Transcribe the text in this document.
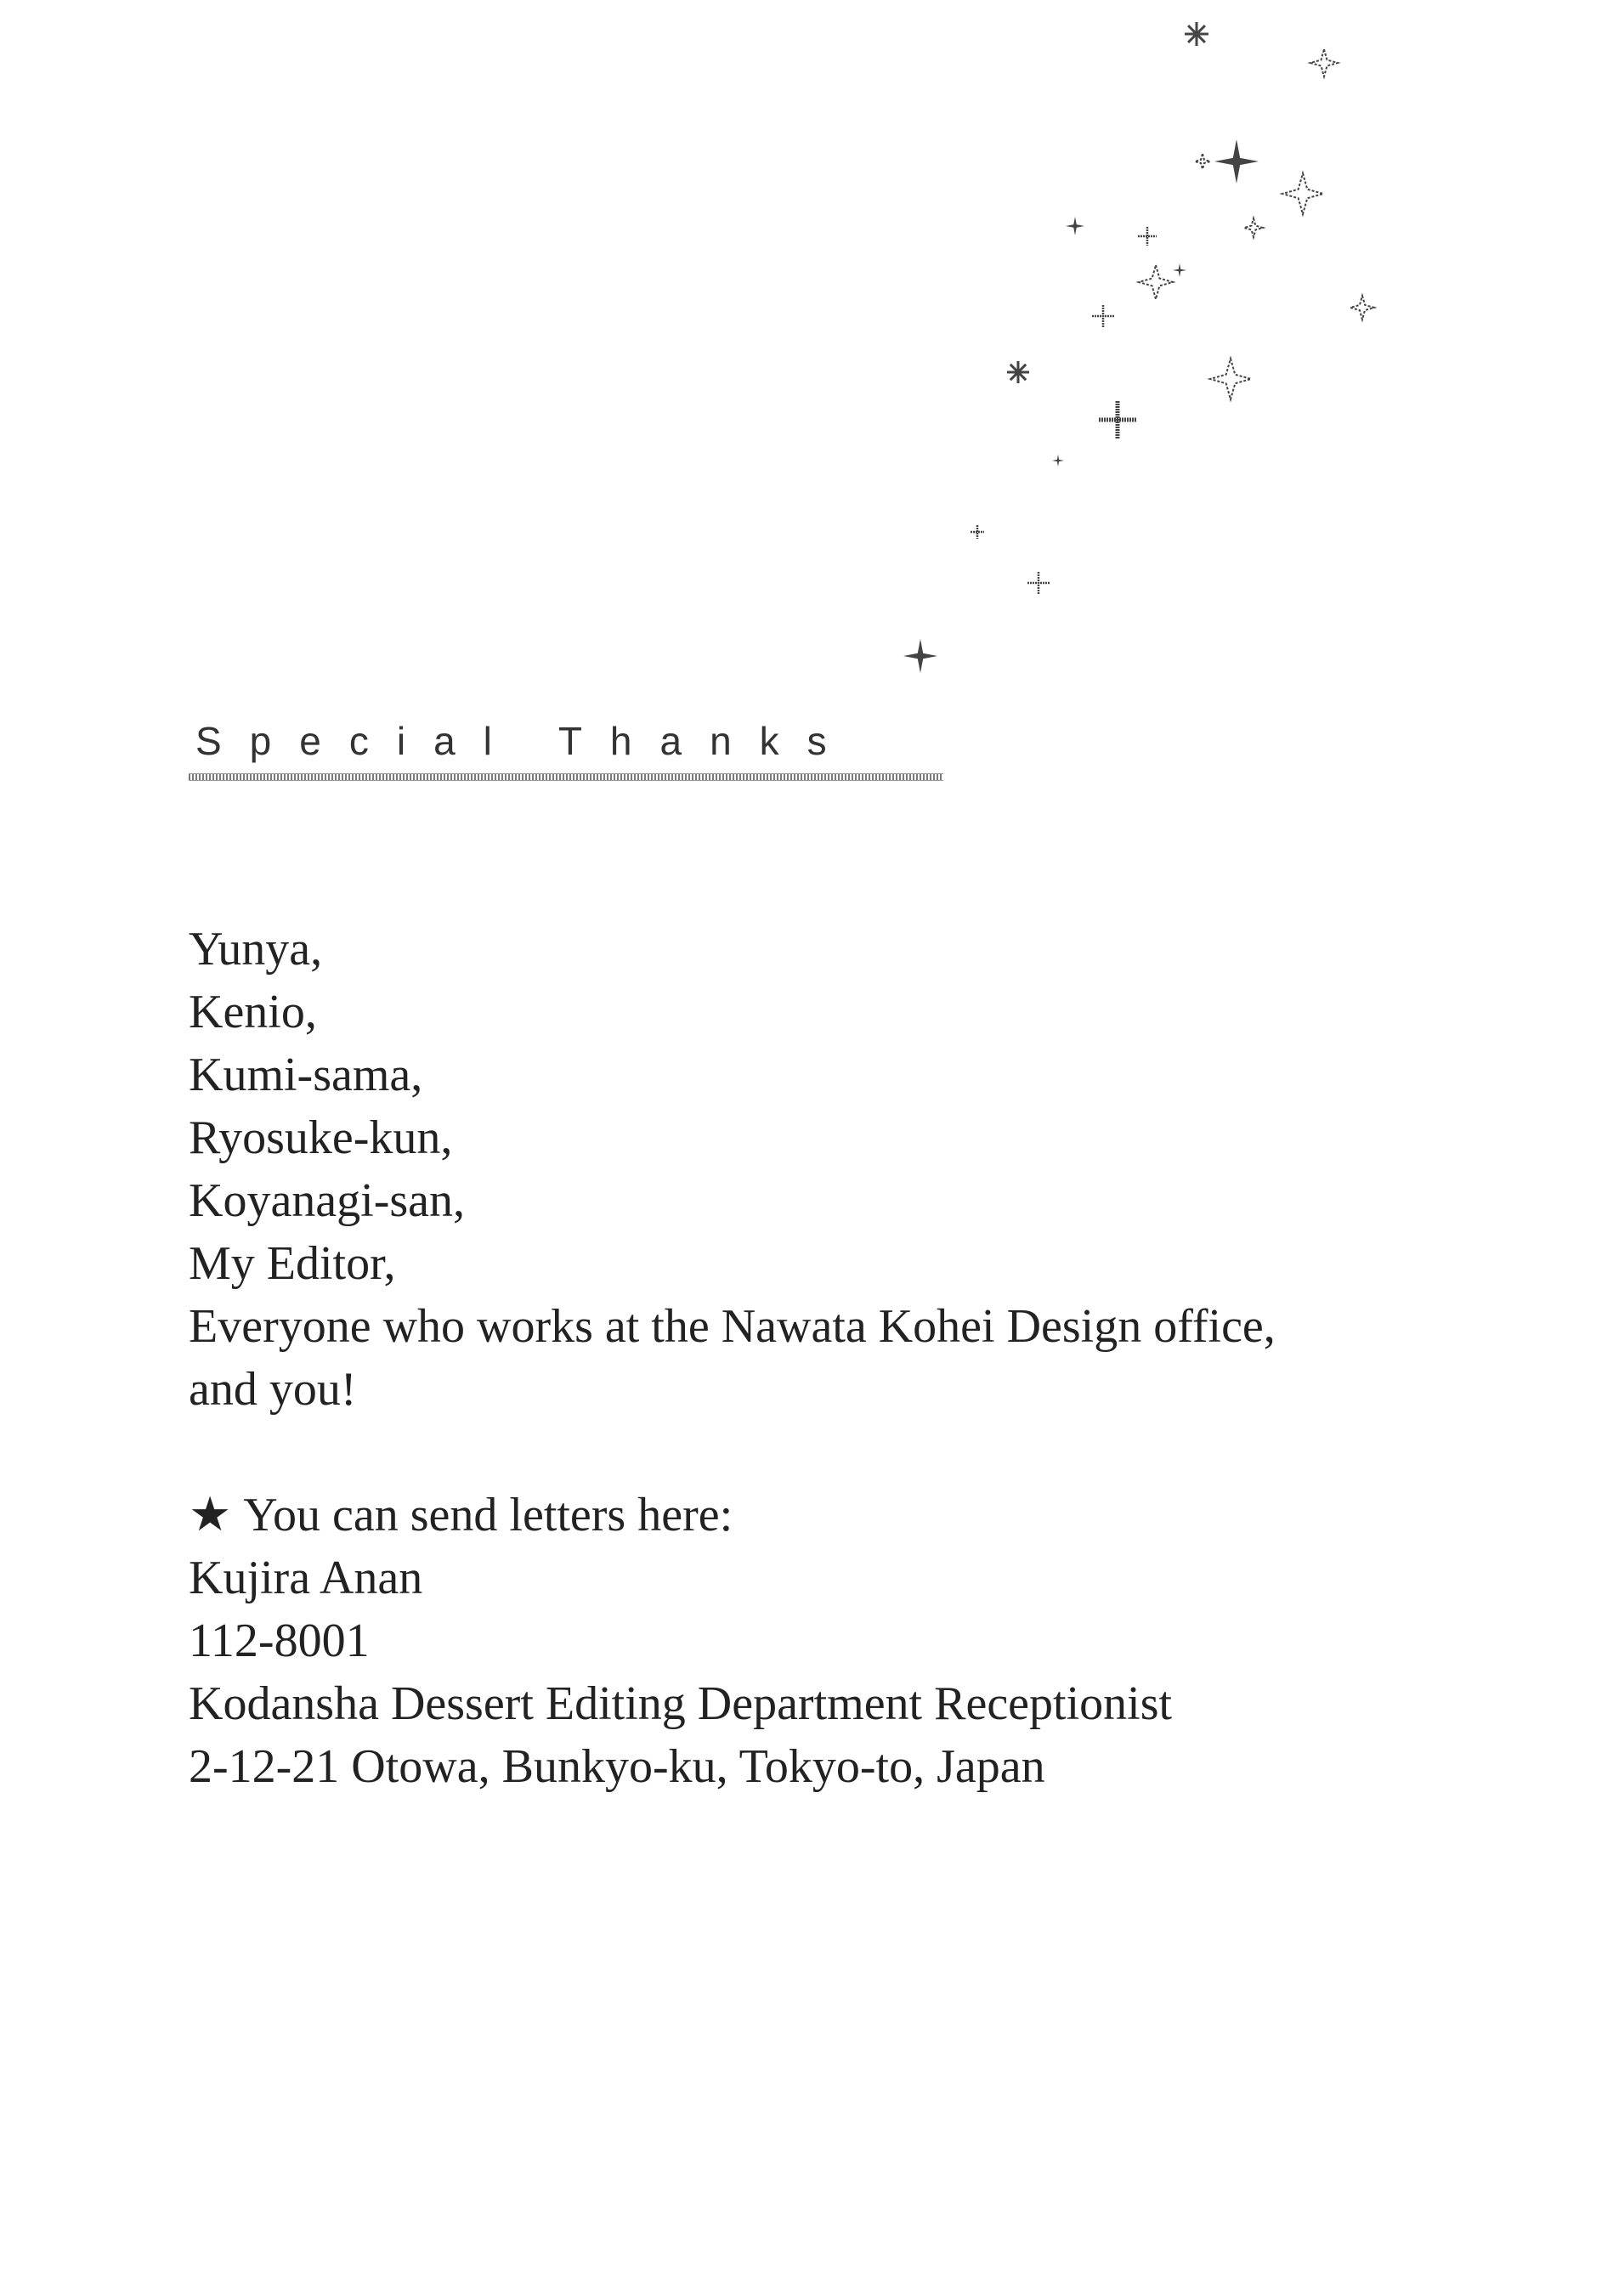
Special Thanks
Yunya,
Kenio,
Kumi-sama,
Ryosuke-kun,
Koyanagi-san,
My Editor,
Everyone who works at the Nawata Kohei Design office,
and you!
★ You can send letters here:
Kujira Anan
112-8001
Kodansha Dessert Editing Department Receptionist
2-12-21 Otowa, Bunkyo-ku, Tokyo-to, Japan
